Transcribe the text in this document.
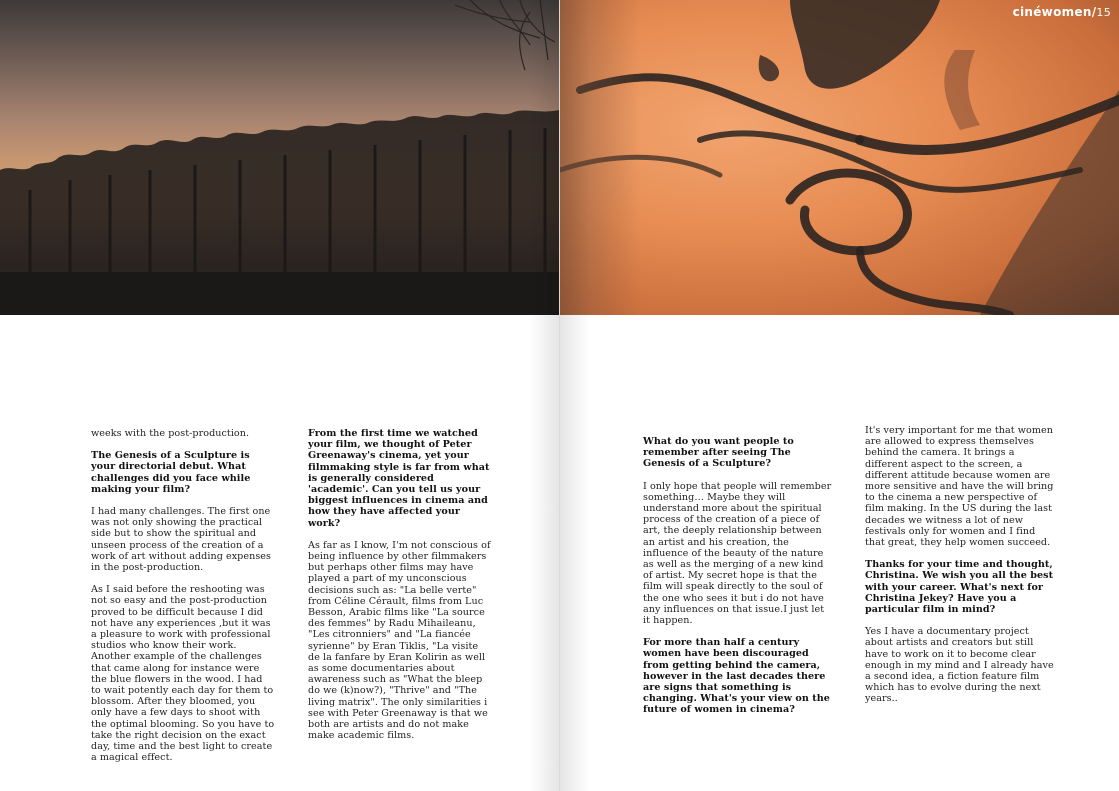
weeks with the post-production.

The Genesis of a Sculpture is your directorial debut. What challenges did you face while making your film?

I had many challenges. The first one was not only showing the practical side but to show the spiritual and unseen process of the creation of a work of art without adding expenses in the post-production.

As I said before the reshooting was not so easy and the post-production proved to be difficult because I did not have any experiences ,but it was a pleasure to work with professional studios who know their work. Another example of the challenges that came along for instance were the blue flowers in the wood. I had to wait potently each day for them to blossom. After they bloomed, you only have a few days to shoot with the optimal blooming. So you have to take the right decision on the exact day, time and the best light to create a magical effect.

From the first time we watched your film, we thought of Peter Greenaway's cinema, yet your filmmaking style is far from what is generally considered 'academic'. Can you tell us your biggest influences in cinema and how they have affected your work?

As far as I know, I'm not conscious of being influence by other filmmakers but perhaps other films may have played a part of my unconscious decisions such as: "La belle verte" from Céline Cérault, films from Luc Besson, Arabic films like "La source des femmes" by Radu Mihaileanu, "Les citronniers" and "La fiancée syrienne" by Eran Tiklis, "La visite de la fanfare by Eran Kolirin as well as some documentaries about awareness such as "What the bleep do we (k)now?), "Thrive" and "The living matrix". The only similarities i see with Peter Greenaway is that we both are artists and do not make make academic films.

cinéwomen/15

What do you want people to remember after seeing The Genesis of a Sculpture?

I only hope that people will remember something… Maybe they will understand more about the spiritual process of the creation of a piece of art, the deeply relationship between an artist and his creation, the influence of the beauty of the nature as well as the merging of a new kind of artist. My secret hope is that the film will speak directly to the soul of the one who sees it but i do not have any influences on that issue.I just let it happen.

For more than half a century women have been discouraged from getting behind the camera, however in the last decades there are signs that something is changing. What's your view on the future of women in cinema?

It's very important for me that women are allowed to express themselves behind the camera. It brings a different aspect to the screen, a different attitude because women are more sensitive and have the will bring to the cinema a new perspective of film making. In the US during the last decades we witness a lot of new festivals only for women and I find that great, they help women succeed.

Thanks for your time and thought, Christina. We wish you all the best with your career. What's next for Christina Jekey? Have you a particular film in mind?

Yes I have a documentary project about artists and creators but still have to work on it to become clear enough in my mind and I already have a second idea, a fiction feature film which has to evolve during the next years..
